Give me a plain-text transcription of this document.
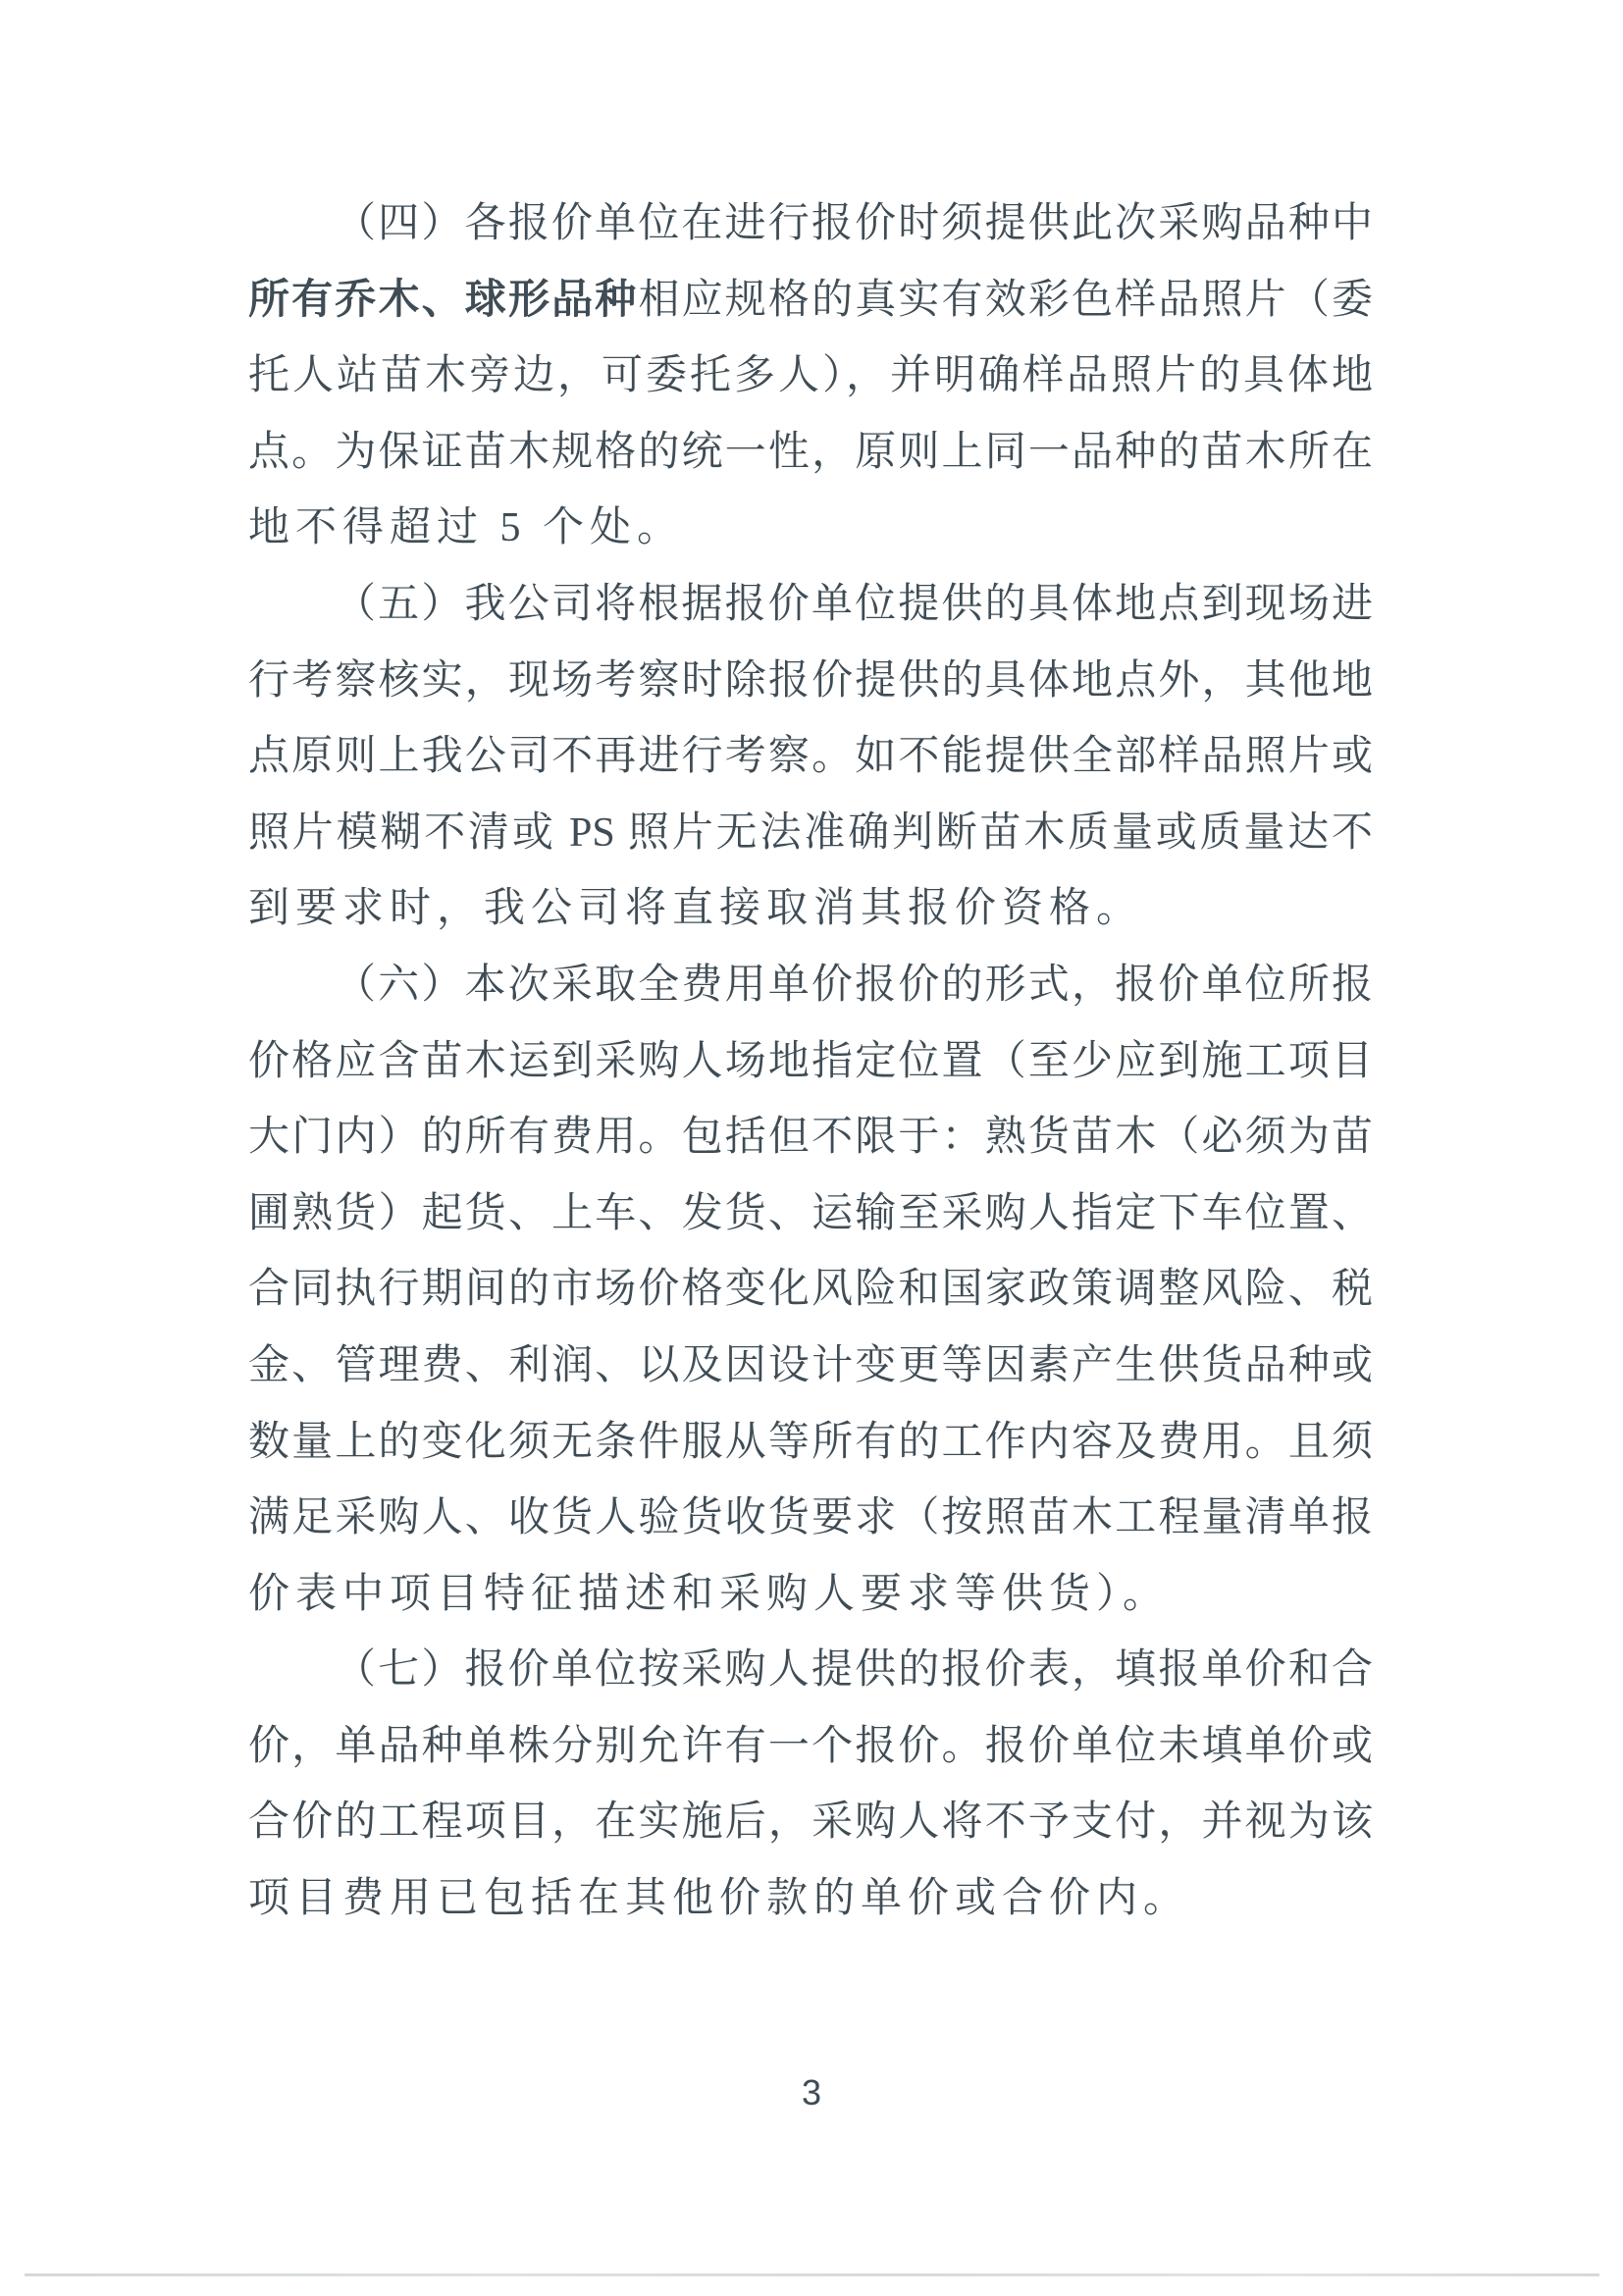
（四）各报价单位在进行报价时须提供此次采购品种中
所有乔木、球形品种相应规格的真实有效彩色样品照片（委
托人站苗木旁边，可委托多人），并明确样品照片的具体地
点。为保证苗木规格的统一性，原则上同一品种的苗木所在
地不得超过 5 个处。
（五）我公司将根据报价单位提供的具体地点到现场进
行考察核实，现场考察时除报价提供的具体地点外，其他地
点原则上我公司不再进行考察。如不能提供全部样品照片或
照片模糊不清或 PS 照片无法准确判断苗木质量或质量达不
到要求时，我公司将直接取消其报价资格。
（六）本次采取全费用单价报价的形式，报价单位所报
价格应含苗木运到采购人场地指定位置（至少应到施工项目
大门内）的所有费用。包括但不限于：熟货苗木（必须为苗
圃熟货）起货、上车、发货、运输至采购人指定下车位置、
合同执行期间的市场价格变化风险和国家政策调整风险、税
金、管理费、利润、以及因设计变更等因素产生供货品种或
数量上的变化须无条件服从等所有的工作内容及费用。且须
满足采购人、收货人验货收货要求（按照苗木工程量清单报
价表中项目特征描述和采购人要求等供货）。
（七）报价单位按采购人提供的报价表，填报单价和合
价，单品种单株分别允许有一个报价。报价单位未填单价或
合价的工程项目，在实施后，采购人将不予支付，并视为该
项目费用已包括在其他价款的单价或合价内。
3
